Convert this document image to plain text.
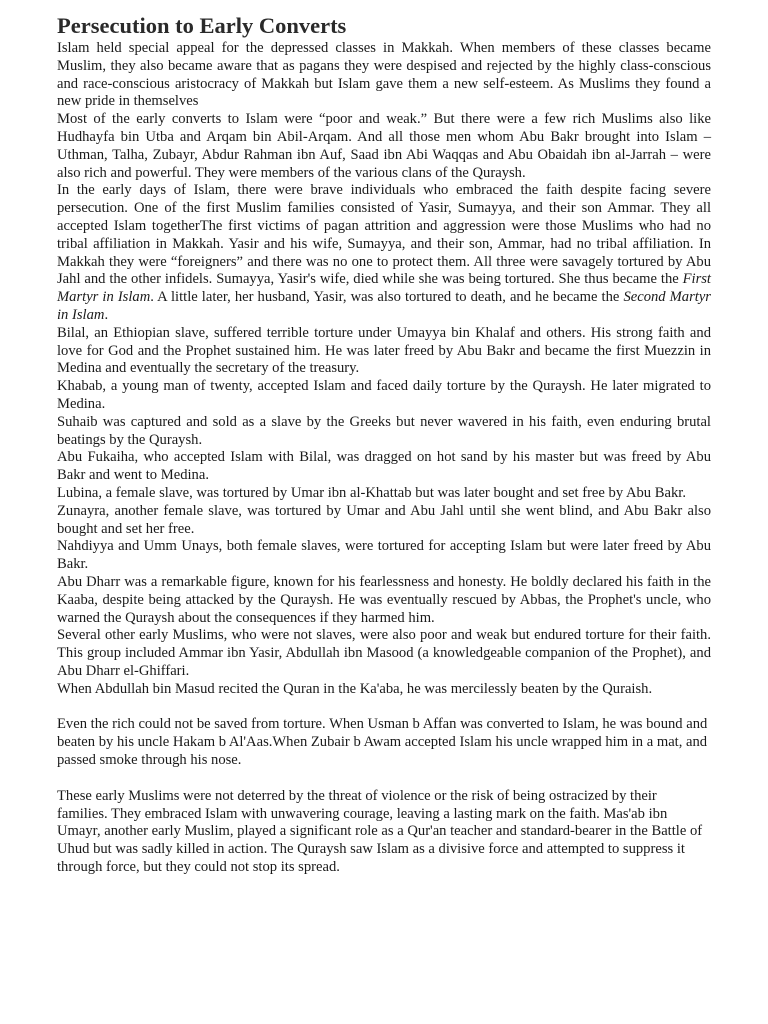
Persecution to Early Converts

Islam held special appeal for the depressed classes in Makkah. When members of these classes became Muslim, they also became aware that as pagans they were despised and rejected by the highly class-conscious and race-conscious aristocracy of Makkah but Islam gave them a new self-esteem. As Muslims they found a new pride in themselves

Most of the early converts to Islam were “poor and weak.” But there were a few rich Muslims also like Hudhayfa bin Utba and Arqam bin Abil-Arqam. And all those men whom Abu Bakr brought into Islam – Uthman, Talha, Zubayr, Abdur Rahman ibn Auf, Saad ibn Abi Waqqas and Abu Obaidah ibn al-Jarrah – were also rich and powerful. They were members of the various clans of the Quraysh.

In the early days of Islam, there were brave individuals who embraced the faith despite facing severe persecution. One of the first Muslim families consisted of Yasir, Sumayya, and their son Ammar. They all accepted Islam togetherThe first victims of pagan attrition and aggression were those Muslims who had no tribal affiliation in Makkah. Yasir and his wife, Sumayya, and their son, Ammar, had no tribal affiliation. In Makkah they were “foreigners” and there was no one to protect them. All three were savagely tortured by Abu Jahl and the other infidels. Sumayya, Yasir's wife, died while she was being tortured. She thus became the First Martyr in Islam. A little later, her husband, Yasir, was also tortured to death, and he became the Second Martyr in Islam.

Bilal, an Ethiopian slave, suffered terrible torture under Umayya bin Khalaf and others. His strong faith and love for God and the Prophet sustained him. He was later freed by Abu Bakr and became the first Muezzin in Medina and eventually the secretary of the treasury.

Khabab, a young man of twenty, accepted Islam and faced daily torture by the Quraysh. He later migrated to Medina.

Suhaib was captured and sold as a slave by the Greeks but never wavered in his faith, even enduring brutal beatings by the Quraysh.

Abu Fukaiha, who accepted Islam with Bilal, was dragged on hot sand by his master but was freed by Abu Bakr and went to Medina.

Lubina, a female slave, was tortured by Umar ibn al-Khattab but was later bought and set free by Abu Bakr.

Zunayra, another female slave, was tortured by Umar and Abu Jahl until she went blind, and Abu Bakr also bought and set her free.

Nahdiyya and Umm Unays, both female slaves, were tortured for accepting Islam but were later freed by Abu Bakr.

Abu Dharr was a remarkable figure, known for his fearlessness and honesty. He boldly declared his faith in the Kaaba, despite being attacked by the Quraysh. He was eventually rescued by Abbas, the Prophet's uncle, who warned the Quraysh about the consequences if they harmed him.

Several other early Muslims, who were not slaves, were also poor and weak but endured torture for their faith. This group included Ammar ibn Yasir, Abdullah ibn Masood (a knowledgeable companion of the Prophet), and Abu Dharr el-Ghiffari.

When Abdullah bin Masud recited the Quran in the Ka'aba, he was mercilessly beaten by the Quraish.

Even the rich could not be saved from torture. When Usman b Affan was converted to Islam, he was bound and beaten by his uncle Hakam b Al'Aas.When Zubair b Awam accepted Islam his uncle wrapped him in a mat, and passed smoke through his nose.

These early Muslims were not deterred by the threat of violence or the risk of being ostracized by their families. They embraced Islam with unwavering courage, leaving a lasting mark on the faith. Mas'ab ibn Umayr, another early Muslim, played a significant role as a Qur'an teacher and standard-bearer in the Battle of Uhud but was sadly killed in action. The Quraysh saw Islam as a divisive force and attempted to suppress it through force, but they could not stop its spread.
